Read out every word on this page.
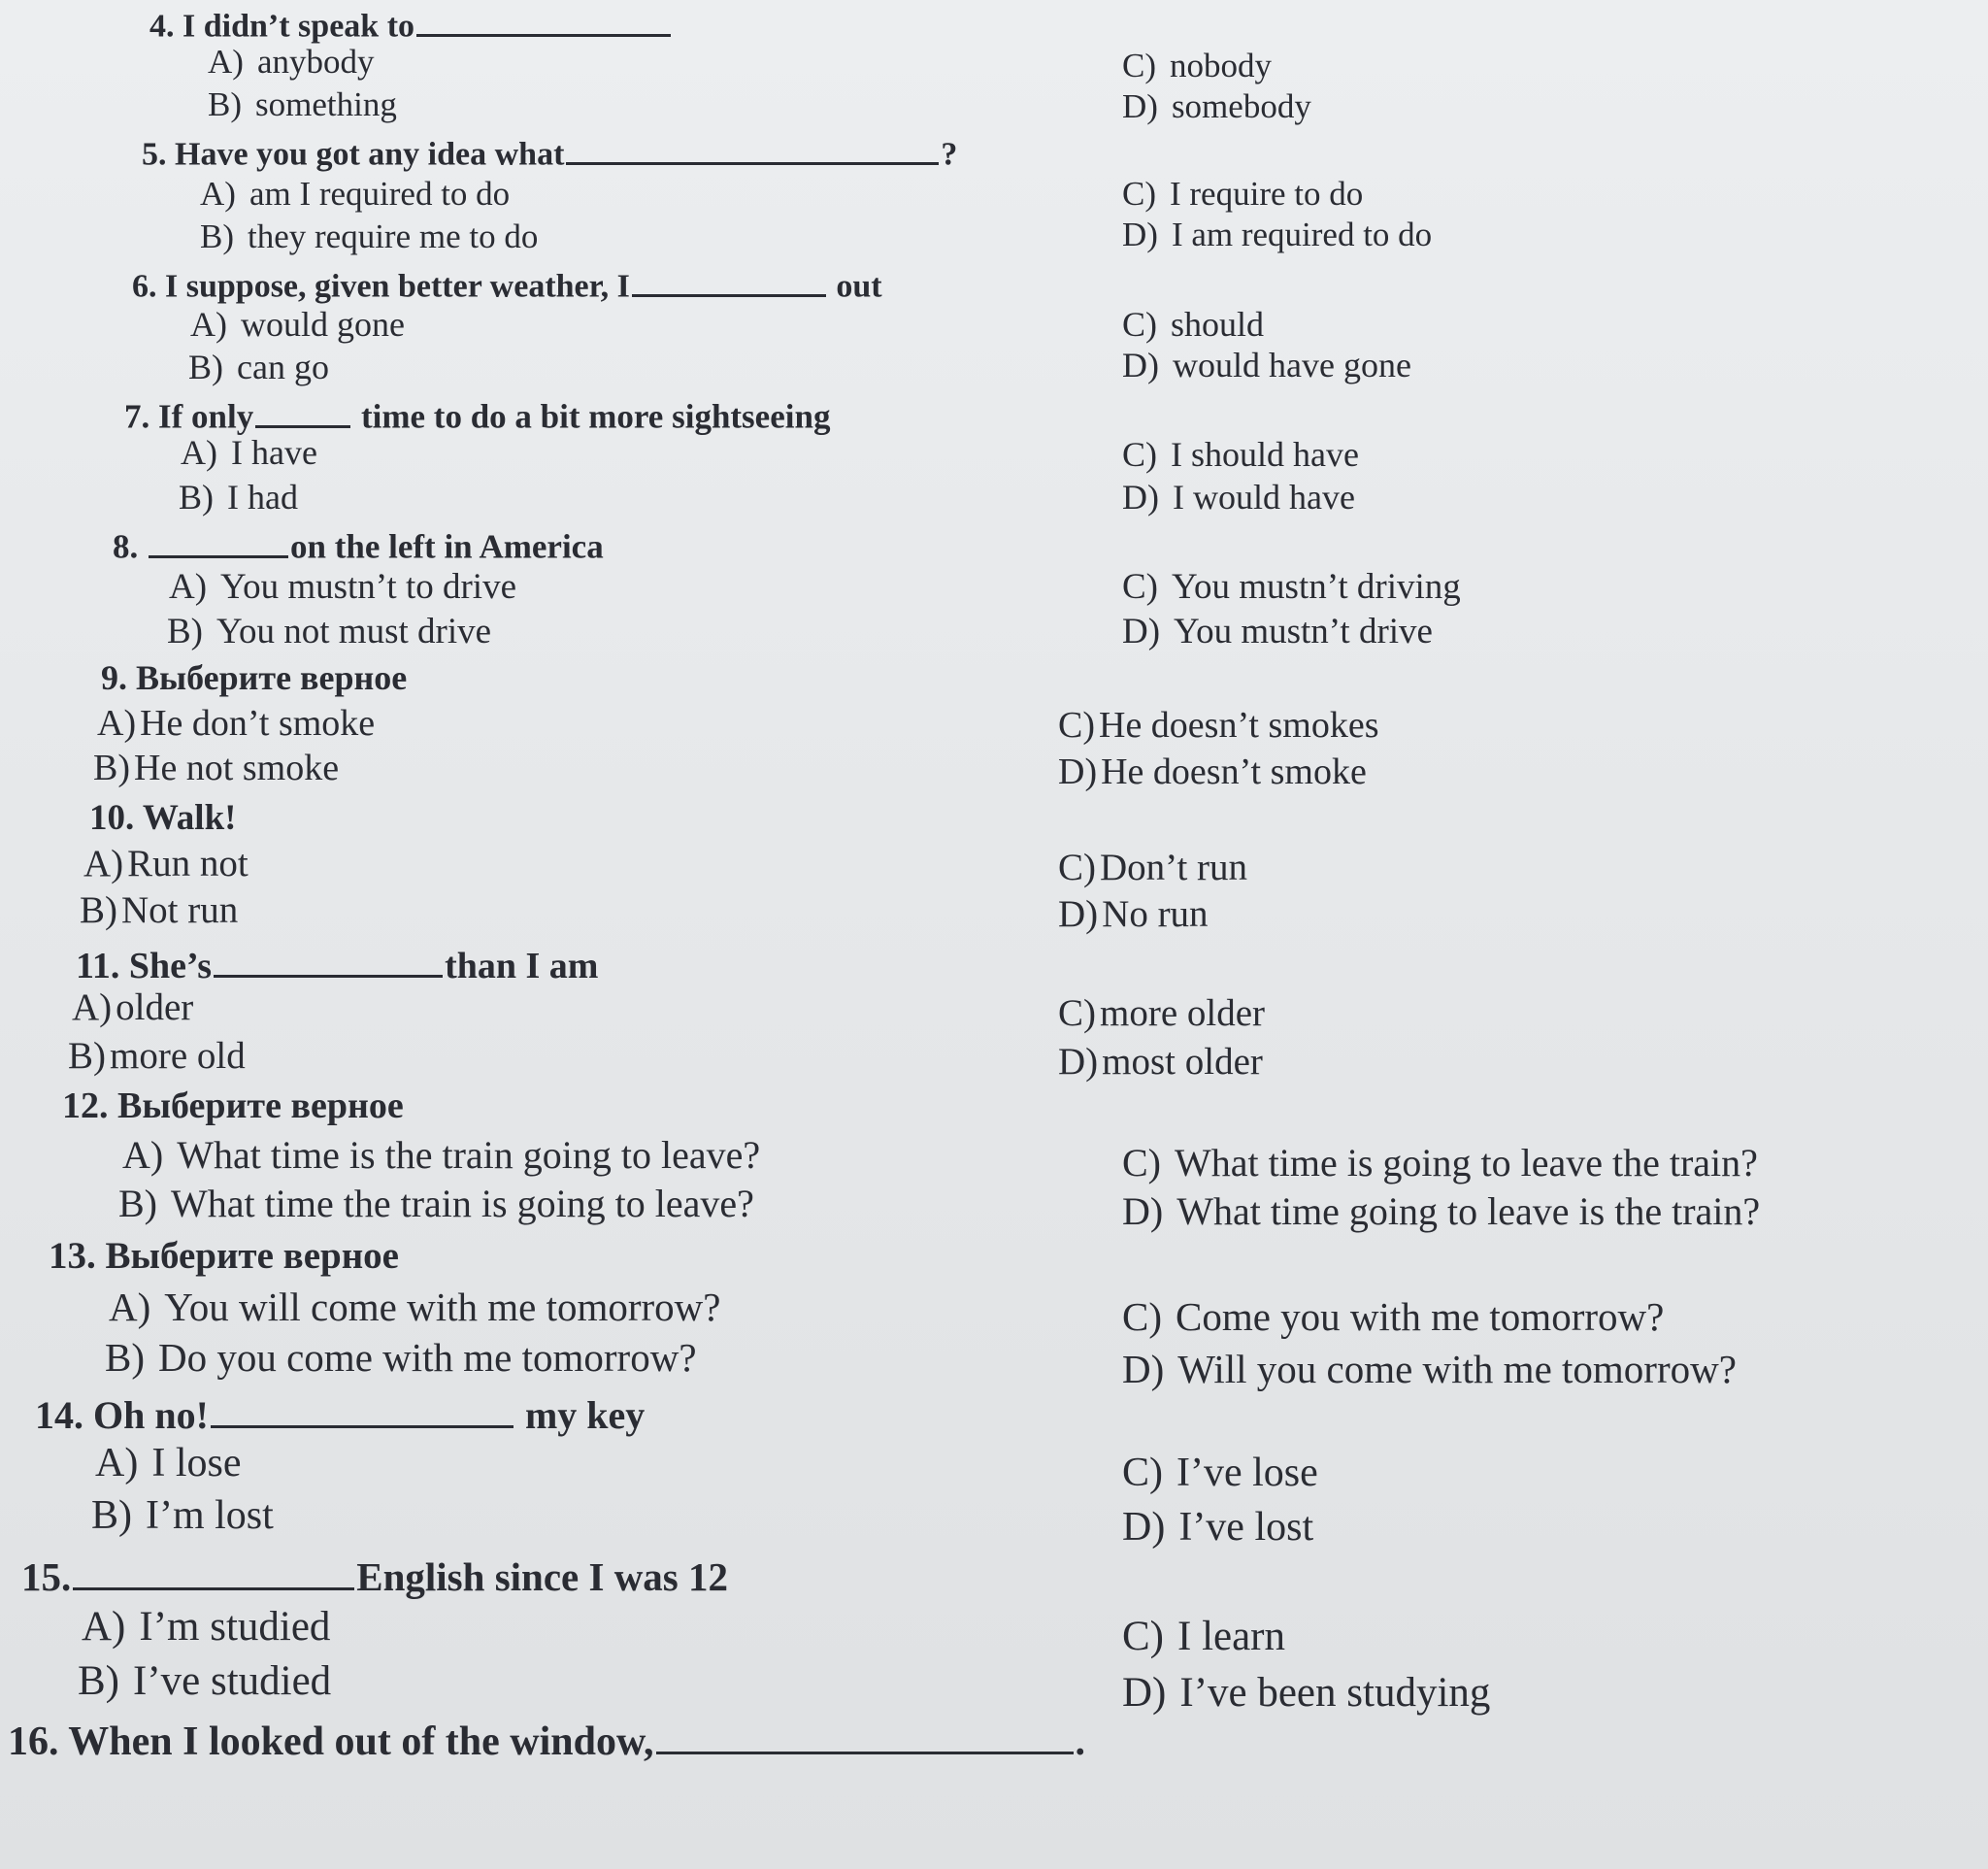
4. I didn’t speak to
A) anybody
B) something
C) nobody
D) somebody
5. Have you got any idea what	?
A) am I required to do
B) they require me to do
C) I require to do
D) I am required to do
6. I suppose, given better weather, I	out
A) would gone
B) can go
C) should
D) would have gone
7. If only	time to do a bit more sightseeing
A) I have
B) I had
C) I should have
D) I would have
8.	on the left in America
A) You mustn’t to drive
B) You not must drive
C) You mustn’t driving
D) You mustn’t drive
9. Выберите верное
A) He don’t smoke
B) He not smoke
C) He doesn’t smokes
D) He doesn’t smoke
10. Walk!
A) Run not
B) Not run
C) Don’t run
D) No run
11. She’s	than I am
A) older
B) more old
C) more older
D) most older
12. Выберите верное
A) What time is the train going to leave?
B) What time the train is going to leave?
C) What time is going to leave the train?
D) What time going to leave is the train?
13. Выберите верное
A) You will come with me tomorrow?
B) Do you come with me tomorrow?
C) Come you with me tomorrow?
D) Will you come with me tomorrow?
14. Oh no!	my key
A) I lose
B) I’m lost
C) I’ve lose
D) I’ve lost
15.	English since I was 12
A) I’m studied
B) I’ve studied
C) I learn
D) I’ve been studying
16. When I looked out of the window,	.
